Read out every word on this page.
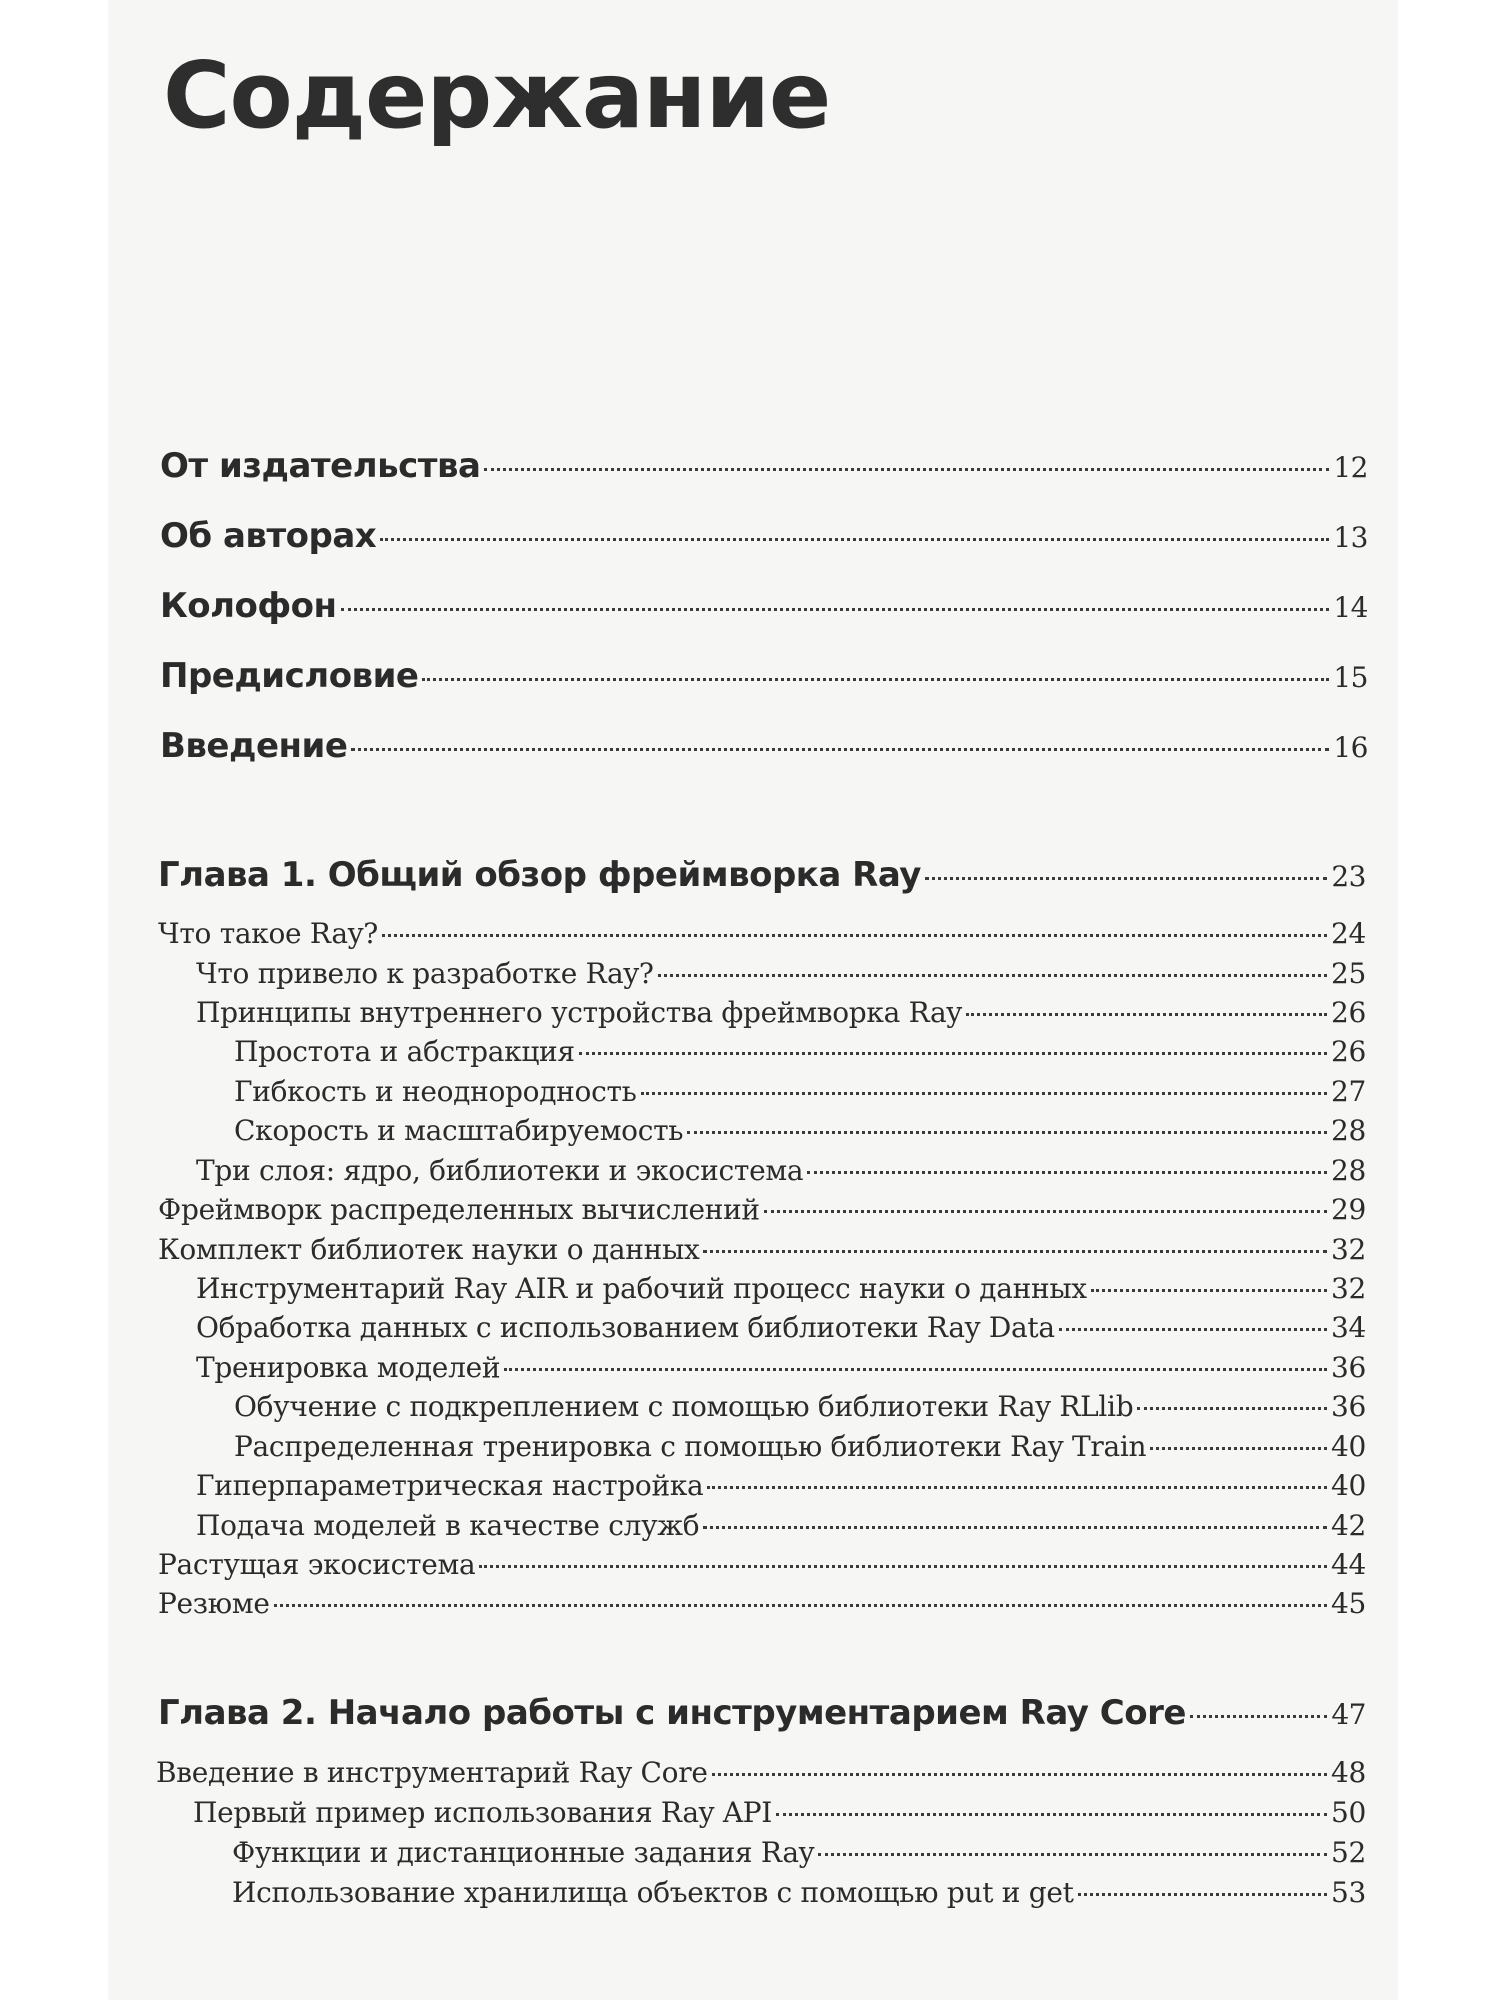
Содержание
От издательства	12
Об авторах	13
Колофон	14
Предисловие	15
Введение	16
Глава 1. Общий обзор фреймворка Ray	23
Что такое Ray?	24
Что привело к разработке Ray?	25
Принципы внутреннего устройства фреймворка Ray	26
Простота и абстракция	26
Гибкость и неоднородность	27
Скорость и масштабируемость	28
Три слоя: ядро, библиотеки и экосистема	28
Фреймворк распределенных вычислений	29
Комплект библиотек науки о данных	32
Инструментарий Ray AIR и рабочий процесс науки о данных	32
Обработка данных с использованием библиотеки Ray Data	34
Тренировка моделей	36
Обучение с подкреплением с помощью библиотеки Ray RLlib	36
Распределенная тренировка с помощью библиотеки Ray Train	40
Гиперпараметрическая настройка	40
Подача моделей в качестве служб	42
Растущая экосистема	44
Резюме	45
Глава 2. Начало работы с инструментарием Ray Core	47
Введение в инструментарий Ray Core	48
Первый пример использования Ray API	50
Функции и дистанционные задания Ray	52
Использование хранилища объектов с помощью put и get	53
